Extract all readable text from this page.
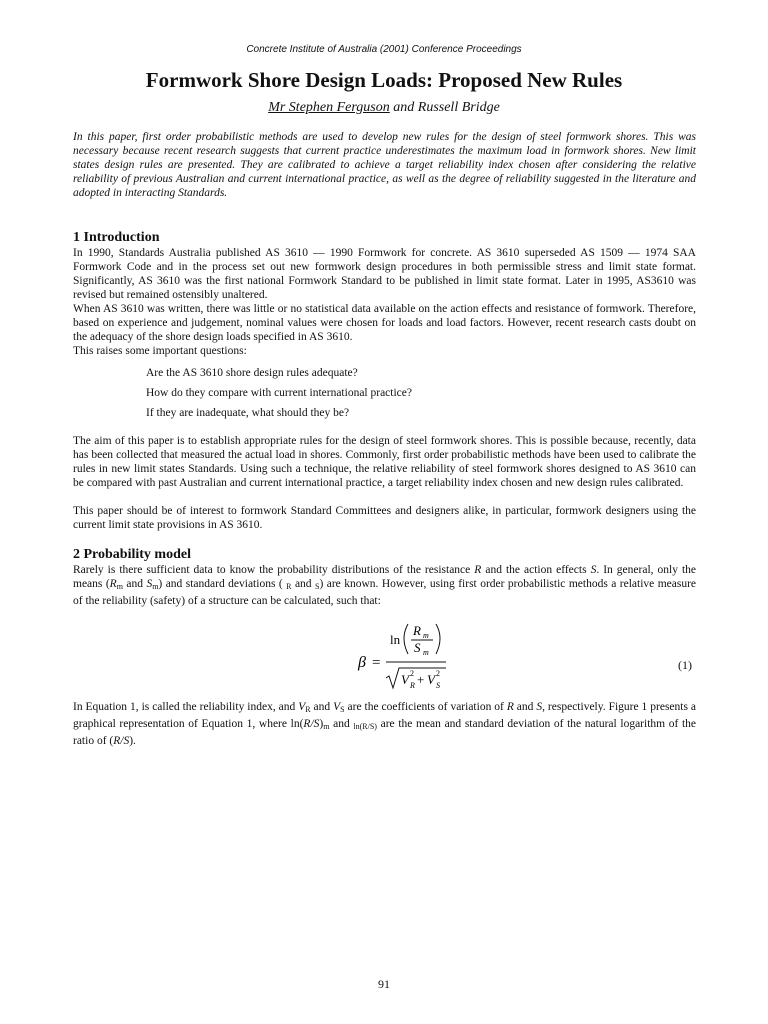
Concrete Institute of Australia (2001) Conference Proceedings
Formwork Shore Design Loads: Proposed New Rules
Mr Stephen Ferguson and Russell Bridge
In this paper, first order probabilistic methods are used to develop new rules for the design of steel formwork shores. This was necessary because recent research suggests that current practice underestimates the maximum load in formwork shores. New limit states design rules are presented. They are calibrated to achieve a target reliability index chosen after considering the relative reliability of previous Australian and current international practice, as well as the degree of reliability suggested in the literature and adopted in interacting Standards.
1 Introduction
In 1990, Standards Australia published AS 3610 — 1990 Formwork for concrete. AS 3610 superseded AS 1509 — 1974 SAA Formwork Code and in the process set out new formwork design procedures in both permissible stress and limit state format. Significantly, AS 3610 was the first national Formwork Standard to be published in limit state format. Later in 1995, AS3610 was revised but remained ostensibly unaltered.
When AS 3610 was written, there was little or no statistical data available on the action effects and resistance of formwork. Therefore, based on experience and judgement, nominal values were chosen for loads and load factors. However, recent research casts doubt on the adequacy of the shore design loads specified in AS 3610.
This raises some important questions:
Are the AS 3610 shore design rules adequate?
How do they compare with current international practice?
If they are inadequate, what should they be?
The aim of this paper is to establish appropriate rules for the design of steel formwork shores. This is possible because, recently, data has been collected that measured the actual load in shores. Commonly, first order probabilistic methods have been used to calibrate the rules in new limit states Standards. Using such a technique, the relative reliability of steel formwork shores designed to AS 3610 can be compared with past Australian and current international practice, a target reliability index chosen and new design rules calibrated.
This paper should be of interest to formwork Standard Committees and designers alike, in particular, formwork designers using the current limit state provisions in AS 3610.
2 Probability model
Rarely is there sufficient data to know the probability distributions of the resistance R and the action effects S. In general, only the means ($R_m$ and $S_m$) and standard deviations ( $_R$ and $_S$) are known. However, using first order probabilistic methods a relative measure of the reliability (safety) of a structure can be calculated, such that:
β =
ln
R m
S m
V 2
R + V 2
S
(1)
In Equation 1, is called the reliability index, and $V_R$ and $V_S$ are the coefficients of variation of R and S, respectively. Figure 1 presents a graphical representation of Equation 1, where $\ln(R/S)_m$ and $_{ln(R/S)}$ are the mean and standard deviation of the natural logarithm of the ratio of (R/S).
91
